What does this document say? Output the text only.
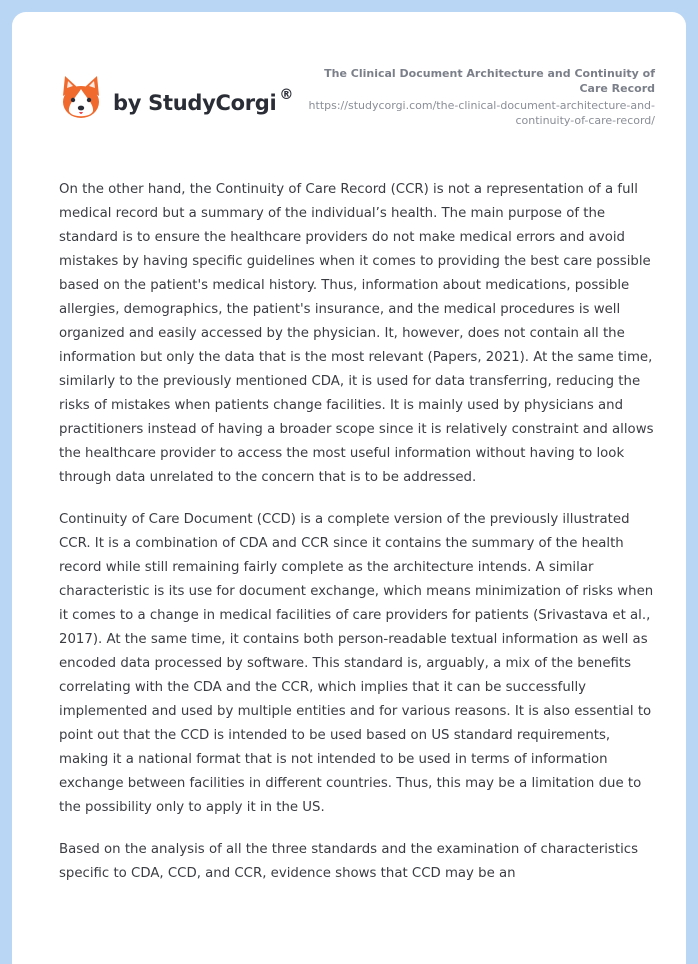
by StudyCorgi ®
The Clinical Document Architecture and Continuity of Care Record
https://studycorgi.com/the-clinical-document-architecture-and-continuity-of-care-record/

On the other hand, the Continuity of Care Record (CCR) is not a representation of a full medical record but a summary of the individual’s health. The main purpose of the standard is to ensure the healthcare providers do not make medical errors and avoid mistakes by having specific guidelines when it comes to providing the best care possible based on the patient's medical history. Thus, information about medications, possible allergies, demographics, the patient's insurance, and the medical procedures is well organized and easily accessed by the physician. It, however, does not contain all the information but only the data that is the most relevant (Papers, 2021). At the same time, similarly to the previously mentioned CDA, it is used for data transferring, reducing the risks of mistakes when patients change facilities. It is mainly used by physicians and practitioners instead of having a broader scope since it is relatively constraint and allows the healthcare provider to access the most useful information without having to look through data unrelated to the concern that is to be addressed.

Continuity of Care Document (CCD) is a complete version of the previously illustrated CCR. It is a combination of CDA and CCR since it contains the summary of the health record while still remaining fairly complete as the architecture intends. A similar characteristic is its use for document exchange, which means minimization of risks when it comes to a change in medical facilities of care providers for patients (Srivastava et al., 2017). At the same time, it contains both person-readable textual information as well as encoded data processed by software. This standard is, arguably, a mix of the benefits correlating with the CDA and the CCR, which implies that it can be successfully implemented and used by multiple entities and for various reasons. It is also essential to point out that the CCD is intended to be used based on US standard requirements, making it a national format that is not intended to be used in terms of information exchange between facilities in different countries. Thus, this may be a limitation due to the possibility only to apply it in the US.

Based on the analysis of all the three standards and the examination of characteristics specific to CDA, CCD, and CCR, evidence shows that CCD may be an
